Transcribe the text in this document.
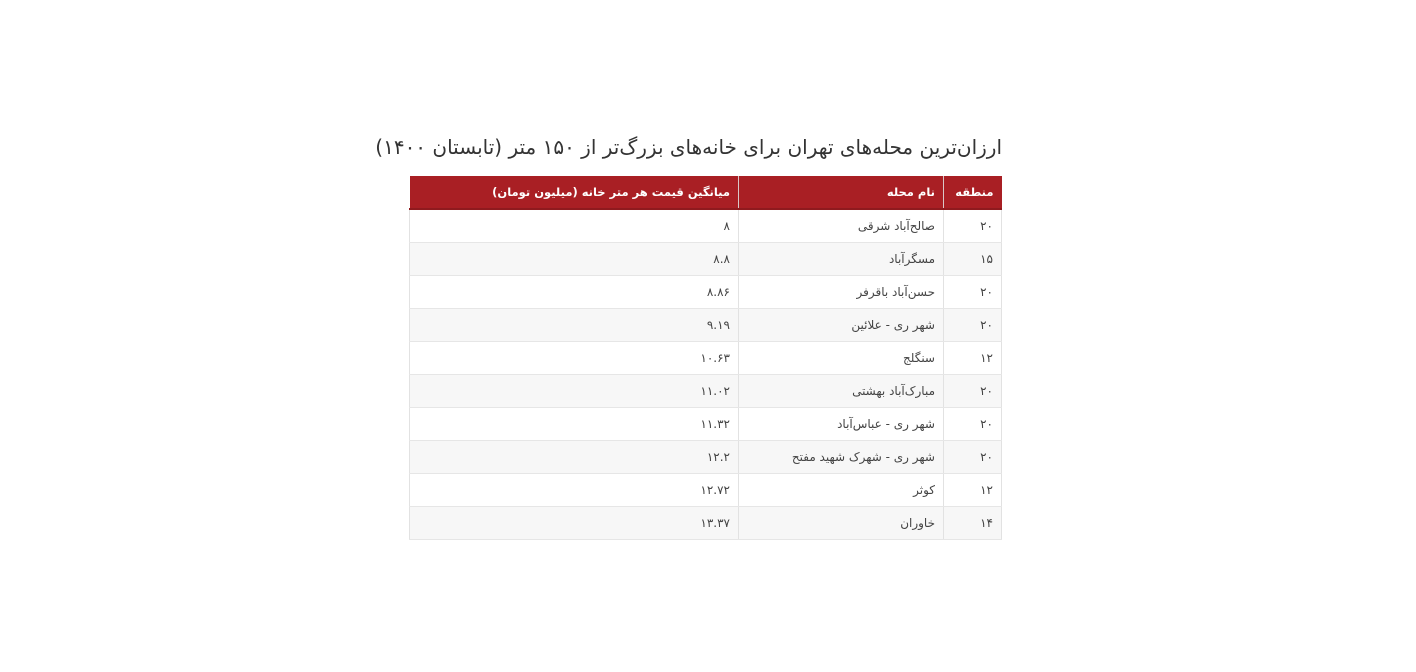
ارزان‌ترین محله‌های تهران برای خانه‌های بزرگ‌تر از ۱۵۰ متر (تابستان ۱۴۰۰)
منطقه	نام محله	میانگین قیمت هر متر خانه (میلیون تومان)
۲۰	صالح‌آباد شرقی	۸
۱۵	مسگرآباد	۸.۸
۲۰	حسن‌آباد باقرفر	۸.۸۶
۲۰	شهر ری - علائین	۹.۱۹
۱۲	سنگلج	۱۰.۶۳
۲۰	مبارک‌آباد بهشتی	۱۱.۰۲
۲۰	شهر ری - عباس‌آباد	۱۱.۳۲
۲۰	شهر ری - شهرک شهید مفتح	۱۲.۲
۱۲	کوثر	۱۲.۷۲
۱۴	خاوران	۱۳.۳۷
